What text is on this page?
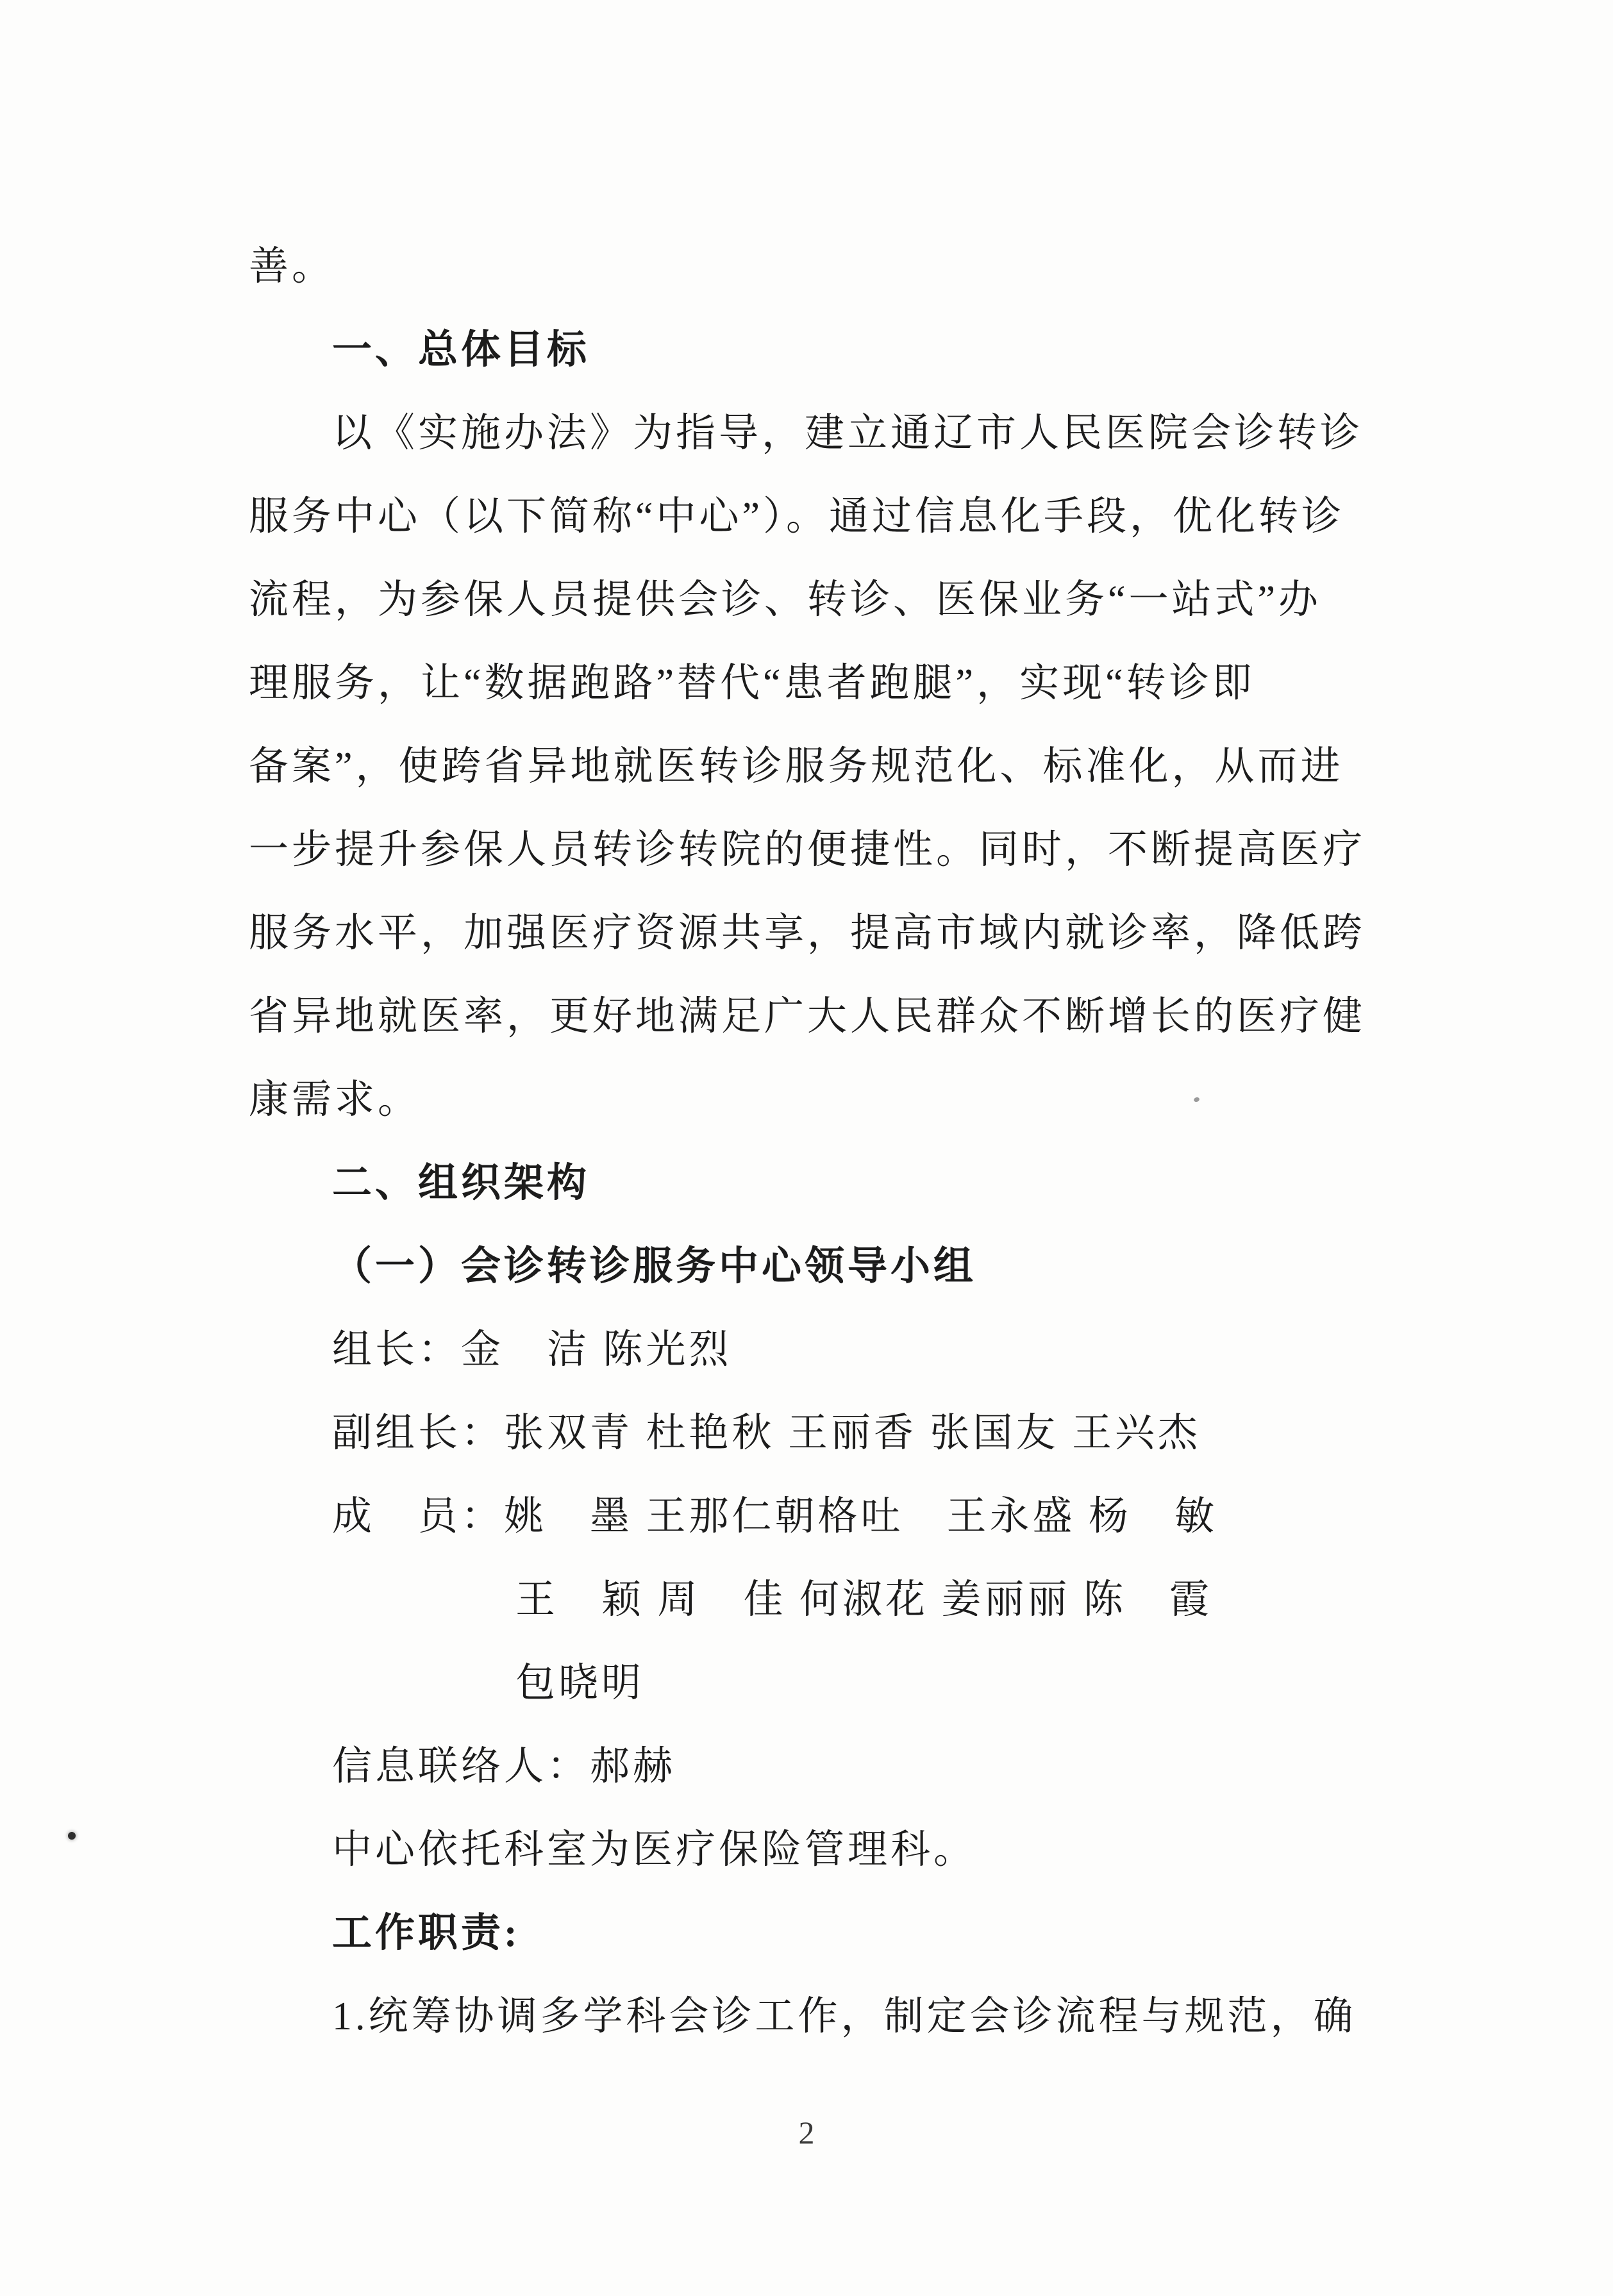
善。
一、总体目标
以《实施办法》为指导，建立通辽市人民医院会诊转诊
服务中心（以下简称“中心”）。通过信息化手段，优化转诊
流程，为参保人员提供会诊、转诊、医保业务“一站式”办
理服务，让“数据跑路”替代“患者跑腿”，实现“转诊即
备案”，使跨省异地就医转诊服务规范化、标准化，从而进
一步提升参保人员转诊转院的便捷性。同时，不断提高医疗
服务水平，加强医疗资源共享，提高市域内就诊率，降低跨
省异地就医率，更好地满足广大人民群众不断增长的医疗健
康需求。
二、组织架构
（一）会诊转诊服务中心领导小组
组长：金　洁 陈光烈
副组长：张双青 杜艳秋 王丽香 张国友 王兴杰
成　员：姚　墨 王那仁朝格吐　王永盛 杨　敏
王　颖 周　佳 何淑花 姜丽丽 陈　霞
包晓明
信息联络人：郝赫
中心依托科室为医疗保险管理科。
工作职责:
1.统筹协调多学科会诊工作，制定会诊流程与规范，确
2
